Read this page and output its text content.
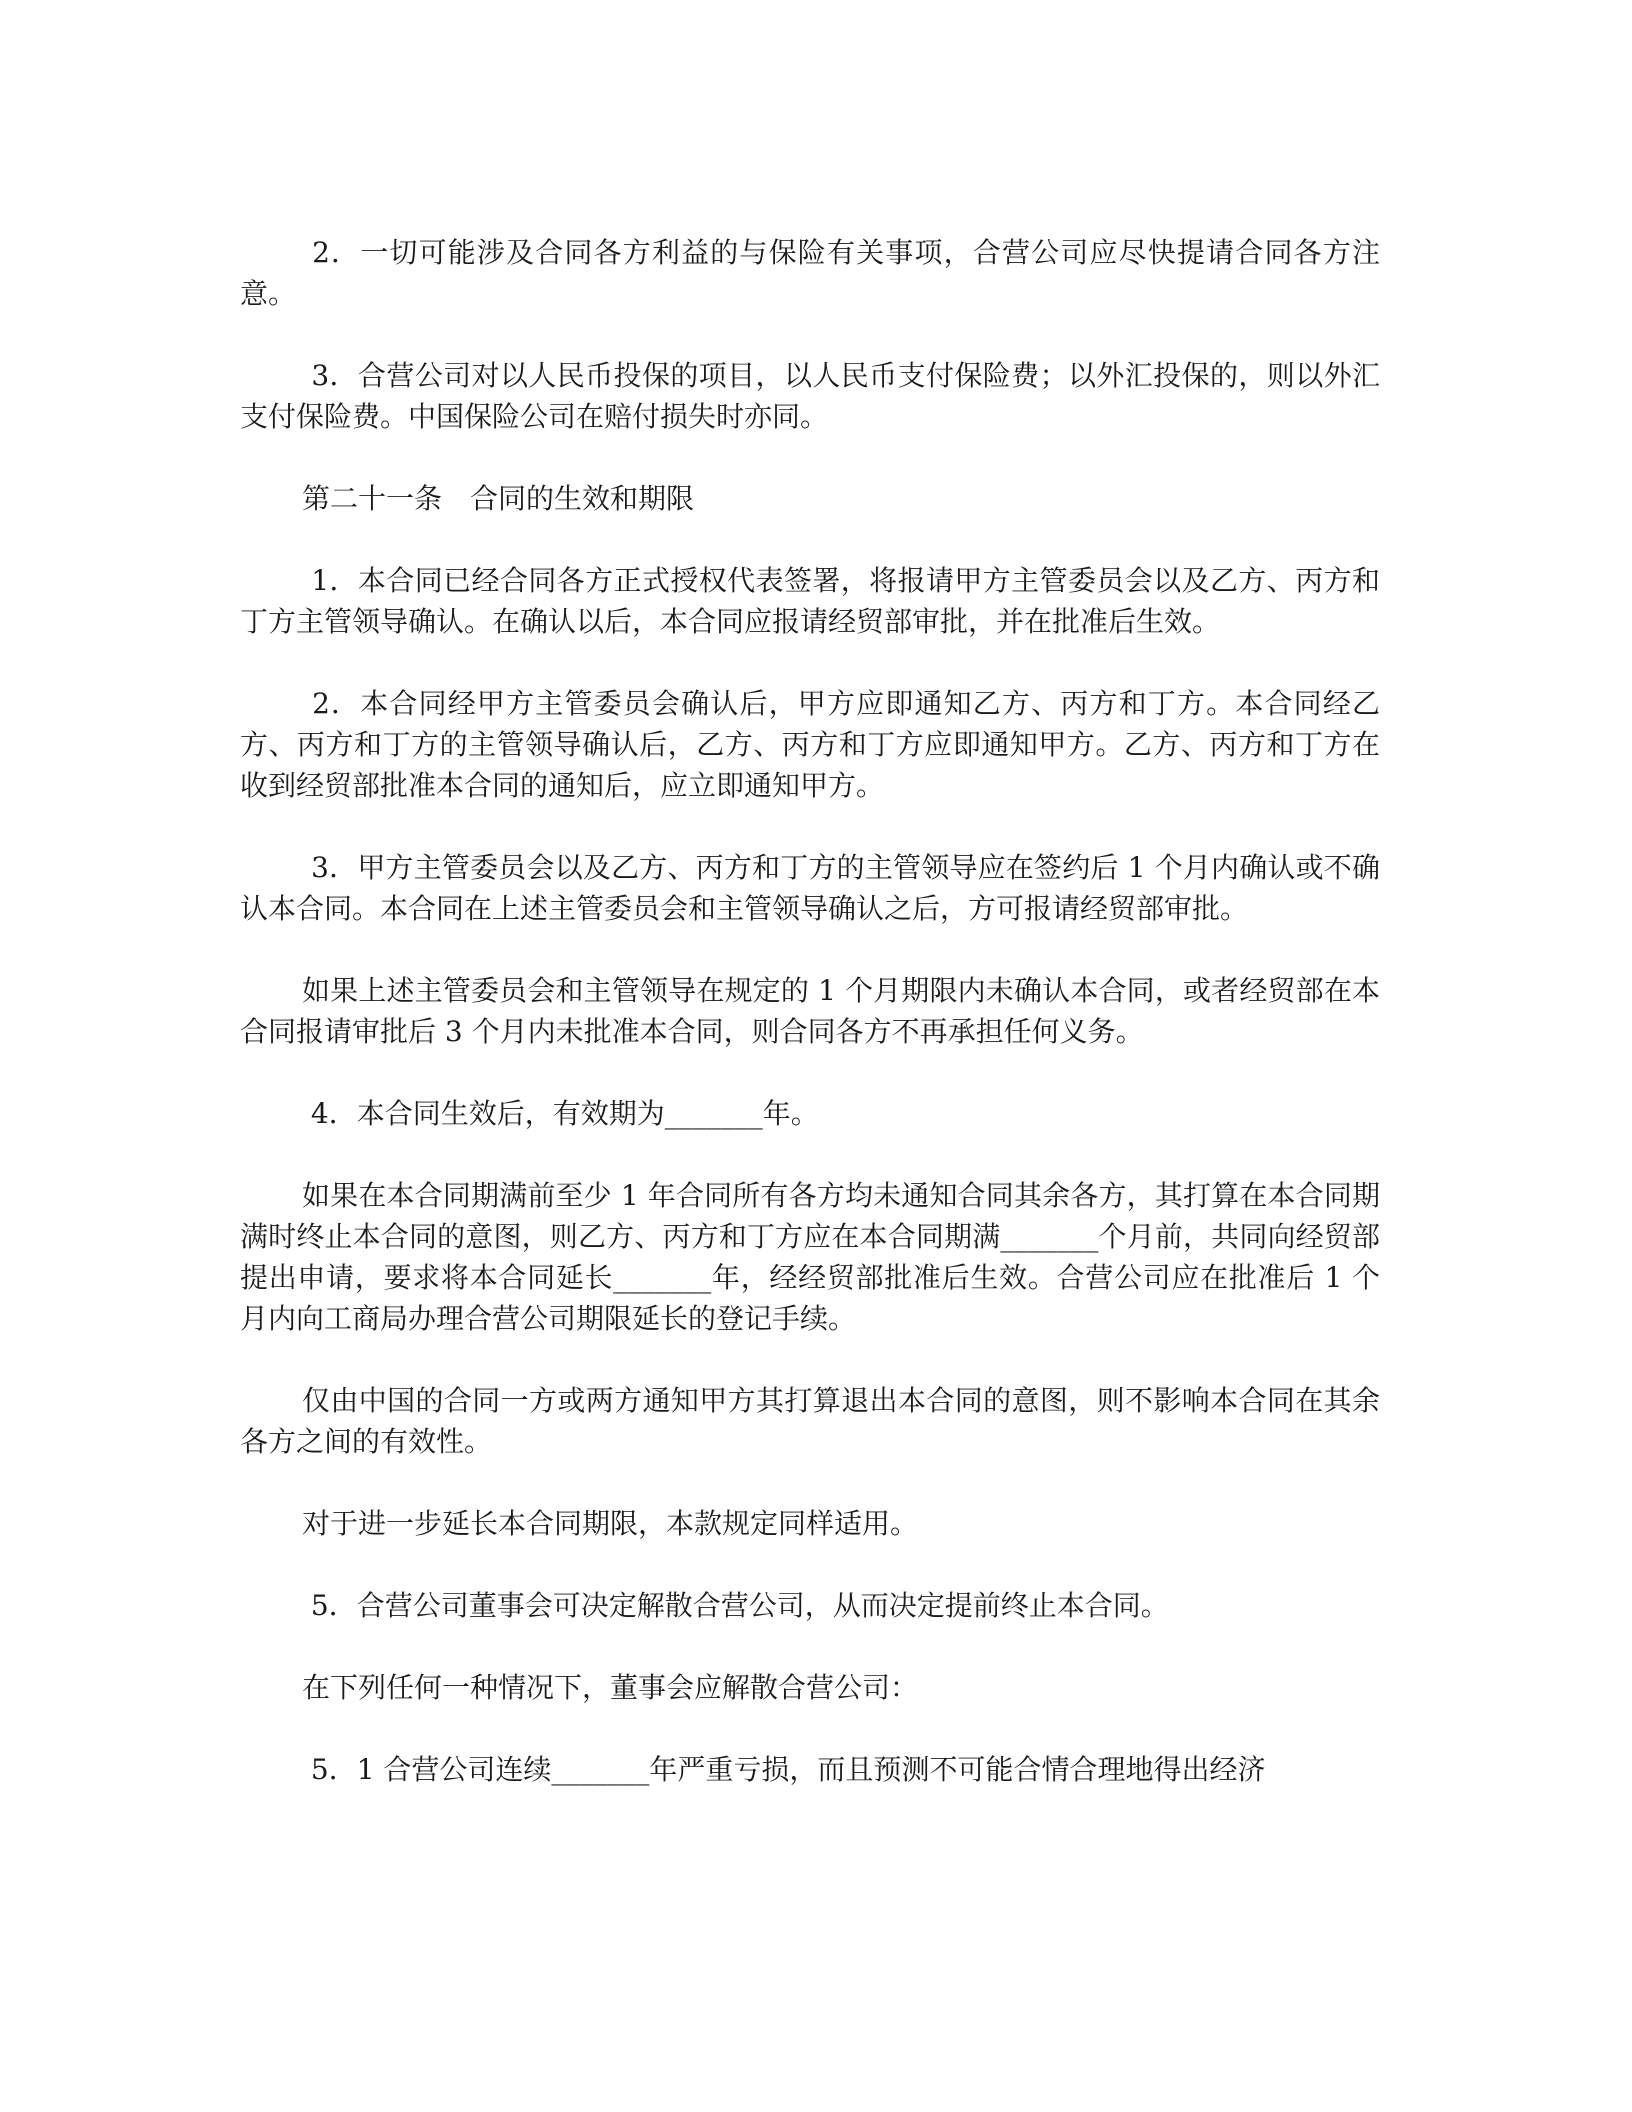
2．一切可能涉及合同各方利益的与保险有关事项，合营公司应尽快提请合同各方注意。

3．合营公司对以人民币投保的项目，以人民币支付保险费；以外汇投保的，则以外汇支付保险费。中国保险公司在赔付损失时亦同。

第二十一条　合同的生效和期限

1．本合同已经合同各方正式授权代表签署，将报请甲方主管委员会以及乙方、丙方和丁方主管领导确认。在确认以后，本合同应报请经贸部审批，并在批准后生效。

2．本合同经甲方主管委员会确认后，甲方应即通知乙方、丙方和丁方。本合同经乙方、丙方和丁方的主管领导确认后，乙方、丙方和丁方应即通知甲方。乙方、丙方和丁方在收到经贸部批准本合同的通知后，应立即通知甲方。

3．甲方主管委员会以及乙方、丙方和丁方的主管领导应在签约后 1 个月内确认或不确认本合同。本合同在上述主管委员会和主管领导确认之后，方可报请经贸部审批。

如果上述主管委员会和主管领导在规定的 1 个月期限内未确认本合同，或者经贸部在本合同报请审批后 3 个月内未批准本合同，则合同各方不再承担任何义务。

4．本合同生效后，有效期为_______年。

如果在本合同期满前至少 1 年合同所有各方均未通知合同其余各方，其打算在本合同期满时终止本合同的意图，则乙方、丙方和丁方应在本合同期满_______个月前，共同向经贸部提出申请，要求将本合同延长_______年，经经贸部批准后生效。合营公司应在批准后 1 个月内向工商局办理合营公司期限延长的登记手续。

仅由中国的合同一方或两方通知甲方其打算退出本合同的意图，则不影响本合同在其余各方之间的有效性。

对于进一步延长本合同期限，本款规定同样适用。

5．合营公司董事会可决定解散合营公司，从而决定提前终止本合同。

在下列任何一种情况下，董事会应解散合营公司：

5．1 合营公司连续_______年严重亏损，而且预测不可能合情合理地得出经济
